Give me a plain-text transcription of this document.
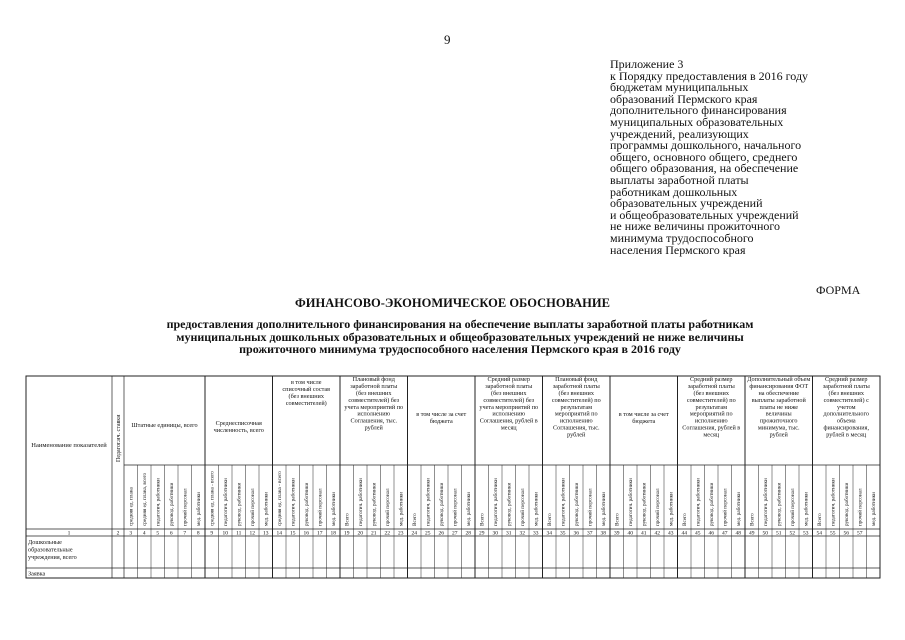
9
Приложение 3
к Порядку предоставления в 2016 году
бюджетам муниципальных
образований Пермского края
дополнительного финансирования
муниципальных образовательных
учреждений, реализующих
программы дошкольного, начального
общего, основного общего, среднего
общего образования, на обеспечение
выплаты заработной платы
работникам дошкольных
образовательных учреждений
и общеобразовательных учреждений
не ниже величины прожиточного
минимума трудоспособного
населения Пермского края
ФОРМА
ФИНАНСОВО-ЭКОНОМИЧЕСКОЕ ОБОСНОВАНИЕ
предоставления дополнительного финансирования на обеспечение выплаты заработной платы работникам
муниципальных дошкольных образовательных и общеобразовательных учреждений не ниже величины
прожиточного минимума трудоспособного населения Пермского края в 2016 году
Наименование показателей Педагог.ич. ставки Штатные единицы, всего
средняя ед. плана средняя ед. плана, всего педагогич. работники руковод. работники прочий персонал мед. работники
Среднесписочная численность, всего
средняя ед. плана - всего педагогич. работники руковод. работники прочий персонал мед. работники
в том числе списочный состав (без внешних совместителей)
средняя ед. плана - всего педагогич. работники руковод. работники прочий персонал мед. работники
Плановый фонд заработной платы (без внешних совместителей) без учета мероприятий по исполнению Соглашения, тыс. рублей
Всего педагогич. работники руковод. работники прочий персонал мед. работники
в том числе за счет бюджета
Всего педагогич. работники руковод. работники прочий персонал мед. работники
Средний размер заработной платы (без внешних совместителей) без учета мероприятий по исполнению Соглашения, рублей в месяц
Всего педагогич. работники руковод. работники прочий персонал мед. работники
Плановый фонд заработной платы (без внешних совместителей) по результатам мероприятий по исполнению Соглашения, тыс. рублей
Всего педагогич. работники руковод. работники прочий персонал мед. работники
в том числе за счет бюджета
Всего педагогич. работники руковод. работники прочий персонал мед. работники
Средний размер заработной платы (без внешних совместителей) по результатам мероприятий по исполнению Соглашения, рублей в месяц
Всего педагогич. работники руковод. работники прочий персонал мед. работники
Дополнительный объем финансирования ФОТ на обеспечение выплаты заработной платы не ниже величины прожиточного минимума, тыс. рублей
Всего педагогич. работники руковод. работники прочий персонал мед. работники
Средний размер заработной платы (без внешних совместителей) с учетом дополнительного объема финансирования, рублей в месяц
Всего педагогич. работники руковод. работники прочий персонал мед. работники
1	2 3 4 5 6 7 8 9 10 11 12 13 14 15 16 17 18 19 20 21 22 23 24 25 26 27 28 29 30 31 32 33 34 35 36 37 38 39 40 41 42 43 44 45 46 47 48 49 50 51 52 53 54 55 56 57
Дошкольные образовательные учреждения, всего
Заявка
